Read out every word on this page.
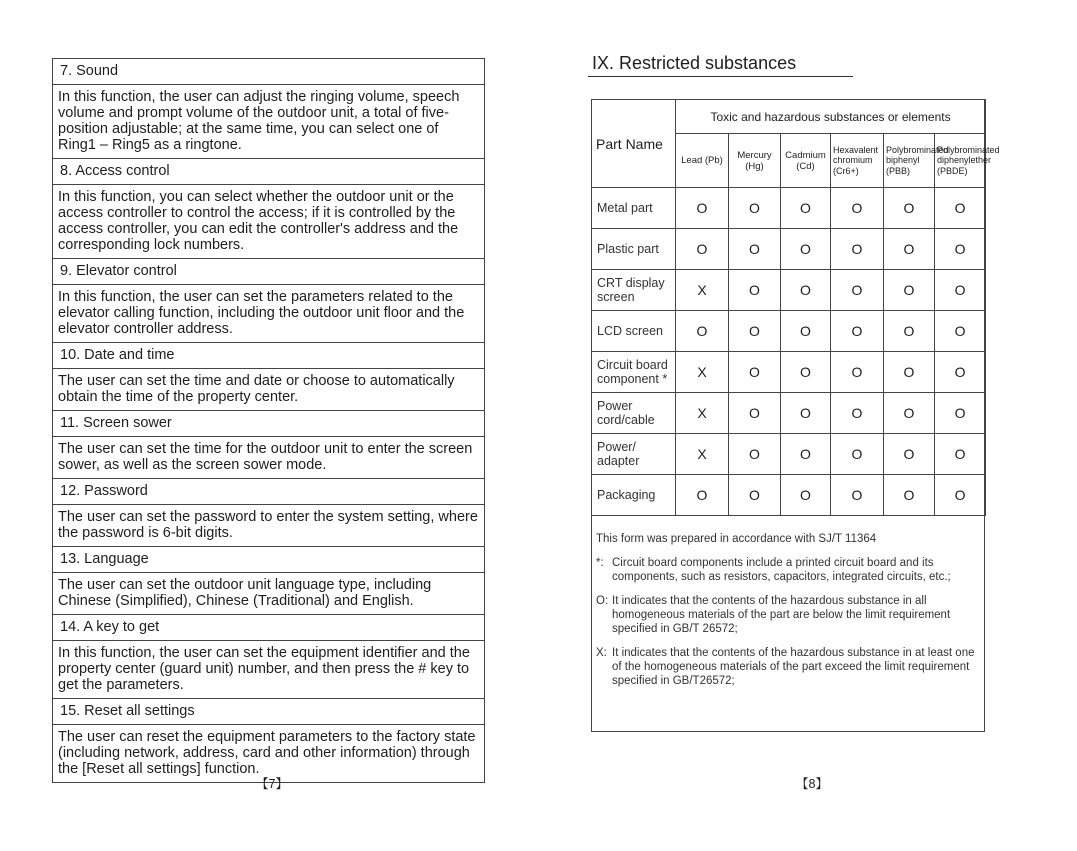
7. Sound
In this function, the user can adjust the ringing volume, speech volume and prompt volume of the outdoor unit, a total of five-position adjustable; at the same time, you can select one of Ring1 – Ring5 as a ringtone.
8. Access control
In this function, you can select whether the outdoor unit or the access controller to control the access; if it is controlled by the access controller, you can edit the controller's address and the corresponding lock numbers.
9. Elevator control
In this function, the user can set the parameters related to the elevator calling function, including the outdoor unit floor and the elevator controller address.
10. Date and time
The user can set the time and date or choose to automatically obtain the time of the property center.
11. Screen sower
The user can set the time for the outdoor unit to enter the screen sower, as well as the screen sower mode.
12. Password
The user can set the password to enter the system setting, where the password is 6-bit digits.
13. Language
The user can set the outdoor unit language type, including Chinese (Simplified), Chinese (Traditional) and English.
14. A key to get
In this function, the user can set the equipment identifier and the property center (guard unit) number, and then press the # key to get the parameters.
15. Reset all settings
The user can reset the equipment parameters to the factory state (including network, address, card and other information) through the [Reset all settings] function.
【7】
IX. Restricted substances
Part Name	Toxic and hazardous substances or elements					
	Lead (Pb)	Mercury (Hg)	Cadmium (Cd)	Hexavalent chromium (Cr6+)	Polybrominated biphenyl (PBB)	Polybrominated diphenylether (PBDE)
Metal part	O	O	O	O	O	O
Plastic part	O	O	O	O	O	O
CRT display screen	X	O	O	O	O	O
LCD screen	O	O	O	O	O	O
Circuit board component *	X	O	O	O	O	O
Power cord/cable	X	O	O	O	O	O
Power/ adapter	X	O	O	O	O	O
Packaging	O	O	O	O	O	O
This form was prepared in accordance with SJ/T 11364
*: Circuit board components include a printed circuit board and its components, such as resistors, capacitors, integrated circuits, etc.;
O: It indicates that the contents of the hazardous substance in all homogeneous materials of the part are below the limit requirement specified in GB/T 26572;
X: It indicates that the contents of the hazardous substance in at least one of the homogeneous materials of the part exceed the limit requirement specified in GB/T26572;
【8】
